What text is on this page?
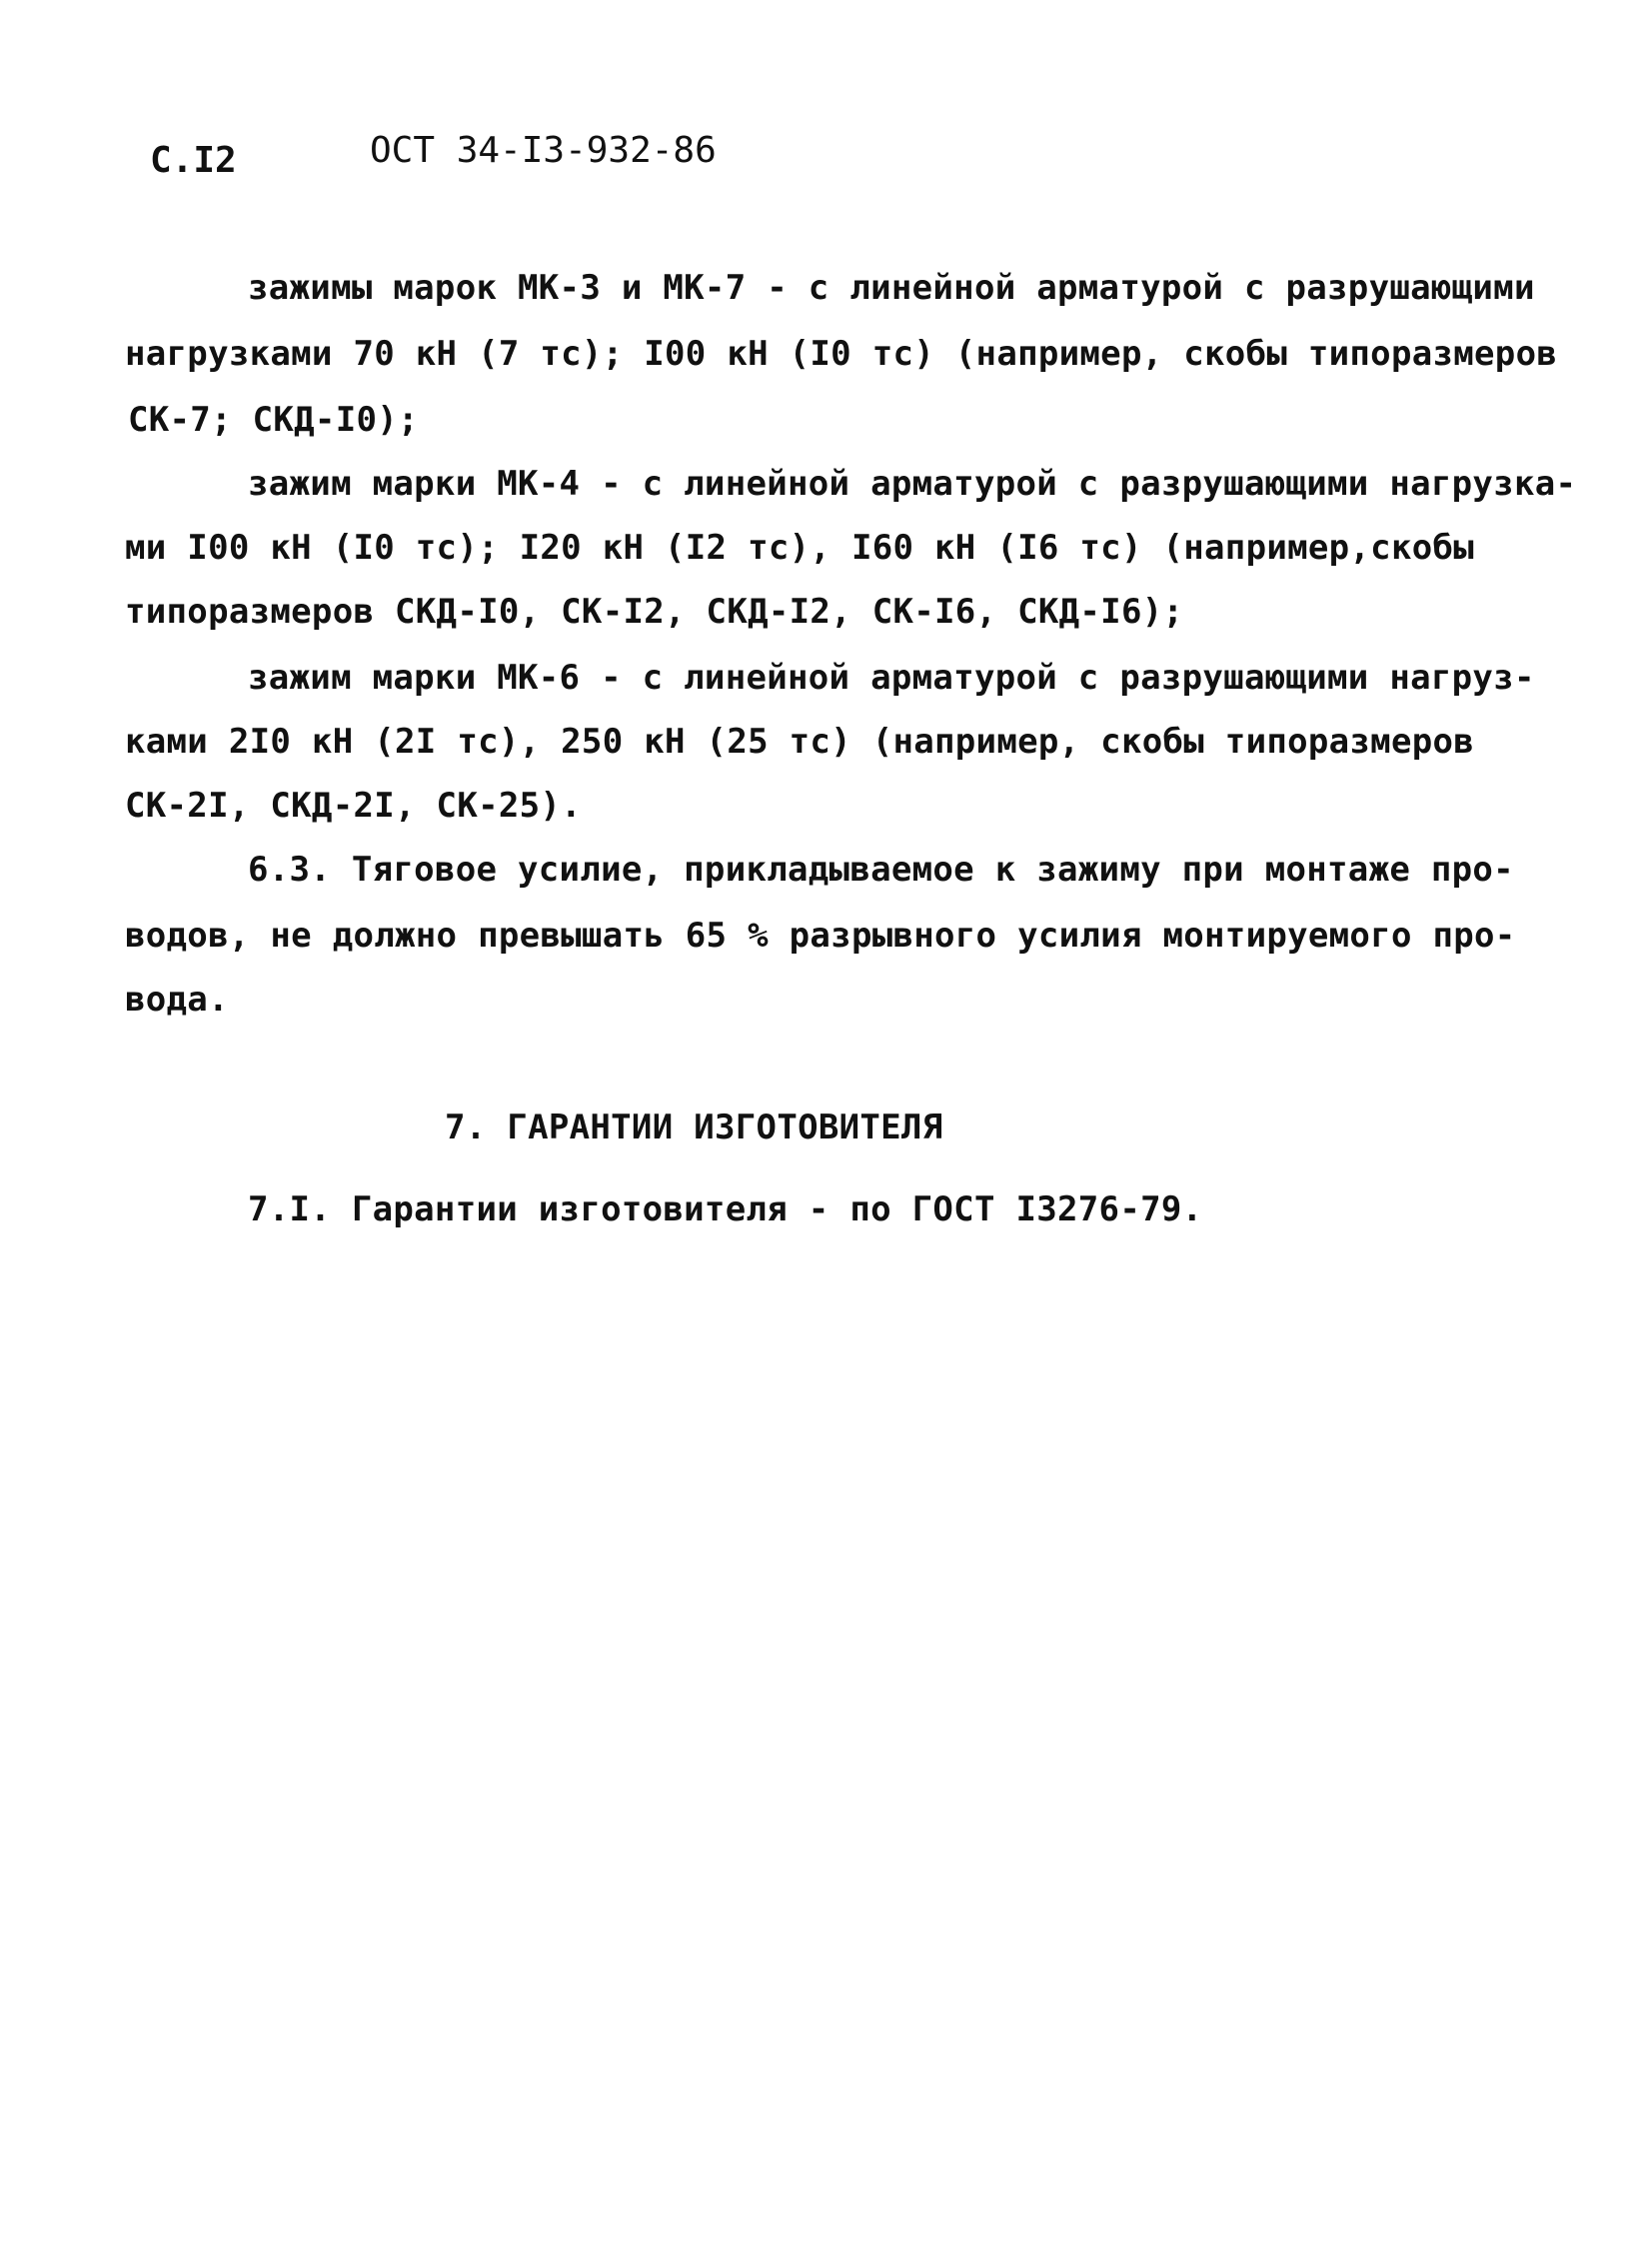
С.I2	ОСТ 34-I3-932-86
зажимы марок МК-3 и МК-7 - с линейной арматурой с разрушающими
нагрузками 70 кН (7 тс); I00 кН (I0 тс) (например, скобы типоразмеров
СК-7; СКД-I0);
зажим марки МК-4 - с линейной арматурой с разрушающими нагрузка-
ми I00 кН (I0 тс); I20 кН (I2 тс), I60 кН (I6 тс) (например,скобы
типоразмеров СКД-I0, СК-I2, СКД-I2, СК-I6, СКД-I6);
зажим марки МК-6 - с линейной арматурой с разрушающими нагруз-
ками 2I0 кН (2I тс), 250 кН (25 тс) (например, скобы типоразмеров
СК-2I, СКД-2I, СК-25).
6.3. Тяговое усилие, прикладываемое к зажиму при монтаже про-
водов, не должно превышать 65 % разрывного усилия монтируемого про-
вода.
7. ГАРАНТИИ ИЗГОТОВИТЕЛЯ
7.I. Гарантии изготовителя - по ГОСТ I3276-79.
